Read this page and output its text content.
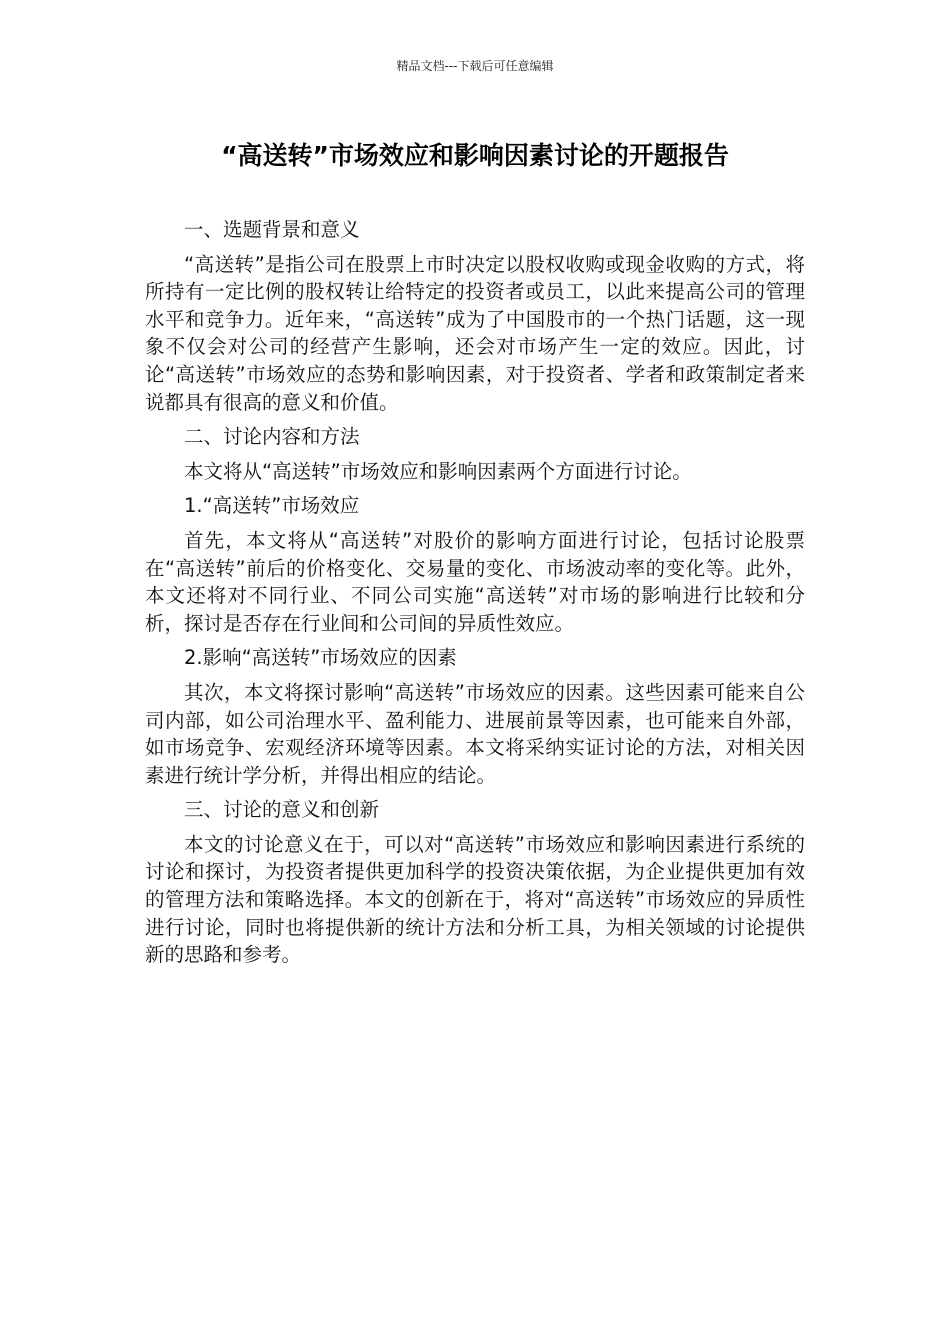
精品文档---下载后可任意编辑
“高送转”市场效应和影响因素讨论的开题报告

一、选题背景和意义

“高送转”是指公司在股票上市时决定以股权收购或现金收购的方式，将所持有一定比例的股权转让给特定的投资者或员工，以此来提高公司的管理水平和竞争力。近年来，“高送转”成为了中国股市的一个热门话题，这一现象不仅会对公司的经营产生影响，还会对市场产生一定的效应。因此，讨论“高送转”市场效应的态势和影响因素，对于投资者、学者和政策制定者来说都具有很高的意义和价值。

二、讨论内容和方法

本文将从“高送转”市场效应和影响因素两个方面进行讨论。

1.“高送转”市场效应

首先，本文将从“高送转”对股价的影响方面进行讨论，包括讨论股票在“高送转”前后的价格变化、交易量的变化、市场波动率的变化等。此外，本文还将对不同行业、不同公司实施“高送转”对市场的影响进行比较和分析，探讨是否存在行业间和公司间的异质性效应。

2.影响“高送转”市场效应的因素

其次，本文将探讨影响“高送转”市场效应的因素。这些因素可能来自公司内部，如公司治理水平、盈利能力、进展前景等因素，也可能来自外部，如市场竞争、宏观经济环境等因素。本文将采纳实证讨论的方法，对相关因素进行统计学分析，并得出相应的结论。

三、讨论的意义和创新

本文的讨论意义在于，可以对“高送转”市场效应和影响因素进行系统的讨论和探讨，为投资者提供更加科学的投资决策依据，为企业提供更加有效的管理方法和策略选择。本文的创新在于，将对“高送转”市场效应的异质性进行讨论，同时也将提供新的统计方法和分析工具，为相关领域的讨论提供新的思路和参考。
